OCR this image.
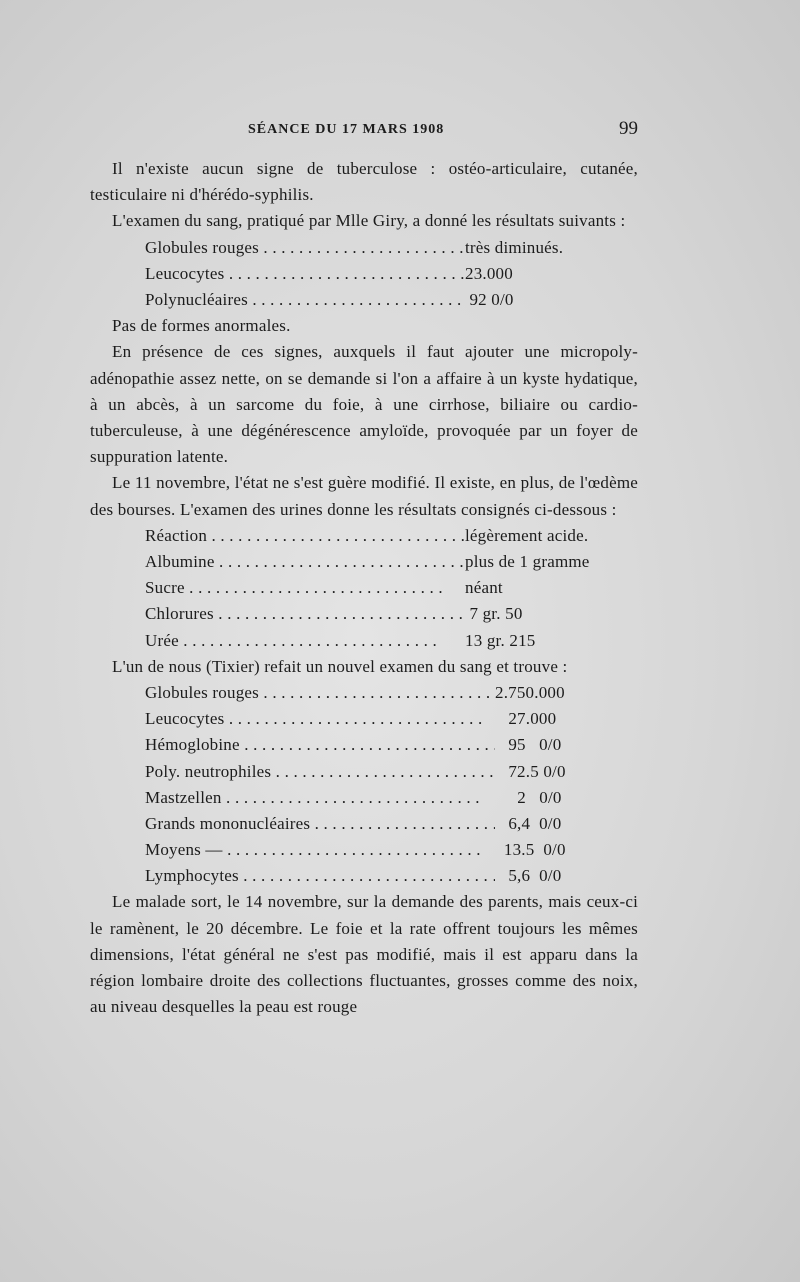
SÉANCE DU 17 MARS 1908	99

Il n'existe aucun signe de tuberculose : ostéo-articulaire, cutanée, testiculaire ni d'hérédo-syphilis.

L'examen du sang, pratiqué par Mlle Giry, a donné les résultats suivants :

Globules rouges . . .	très diminués.
Leucocytes . . .	23.000
Polynucléaires . . .	92 0/0

Pas de formes anormales.

En présence de ces signes, auxquels il faut ajouter une micropoly-adénopathie assez nette, on se demande si l'on a affaire à un kyste hydatique, à un abcès, à un sarcome du foie, à une cirrhose, biliaire ou cardio-tuberculeuse, à une dégénérescence amyloïde, provoquée par un foyer de suppuration latente.

Le 11 novembre, l'état ne s'est guère modifié. Il existe, en plus, de l'œdème des bourses. L'examen des urines donne les résultats consignés ci-dessous :

Réaction . . .	légèrement acide.
Albumine . . .	plus de 1 gramme
Sucre . . .	néant
Chlorures . . .	7 gr. 50
Urée . . .	13 gr. 215

L'un de nous (Tixier) refait un nouvel examen du sang et trouve :

Globules rouges . . .	2.750.000
Leucocytes . . .	27.000
Hémoglobine . . .	95   0/0
Poly. neutrophiles . . .	72.5 0/0
Mastzellen . . .	2   0/0
Grands mononucléaires . . .	6,4  0/0
Moyens — . . .	13.5  0/0
Lymphocytes . . .	5,6  0/0

Le malade sort, le 14 novembre, sur la demande des parents, mais ceux-ci le ramènent, le 20 décembre. Le foie et la rate offrent toujours les mêmes dimensions, l'état général ne s'est pas modifié, mais il est apparu dans la région lombaire droite des collections fluctuantes, grosses comme des noix, au niveau desquelles la peau est rouge
